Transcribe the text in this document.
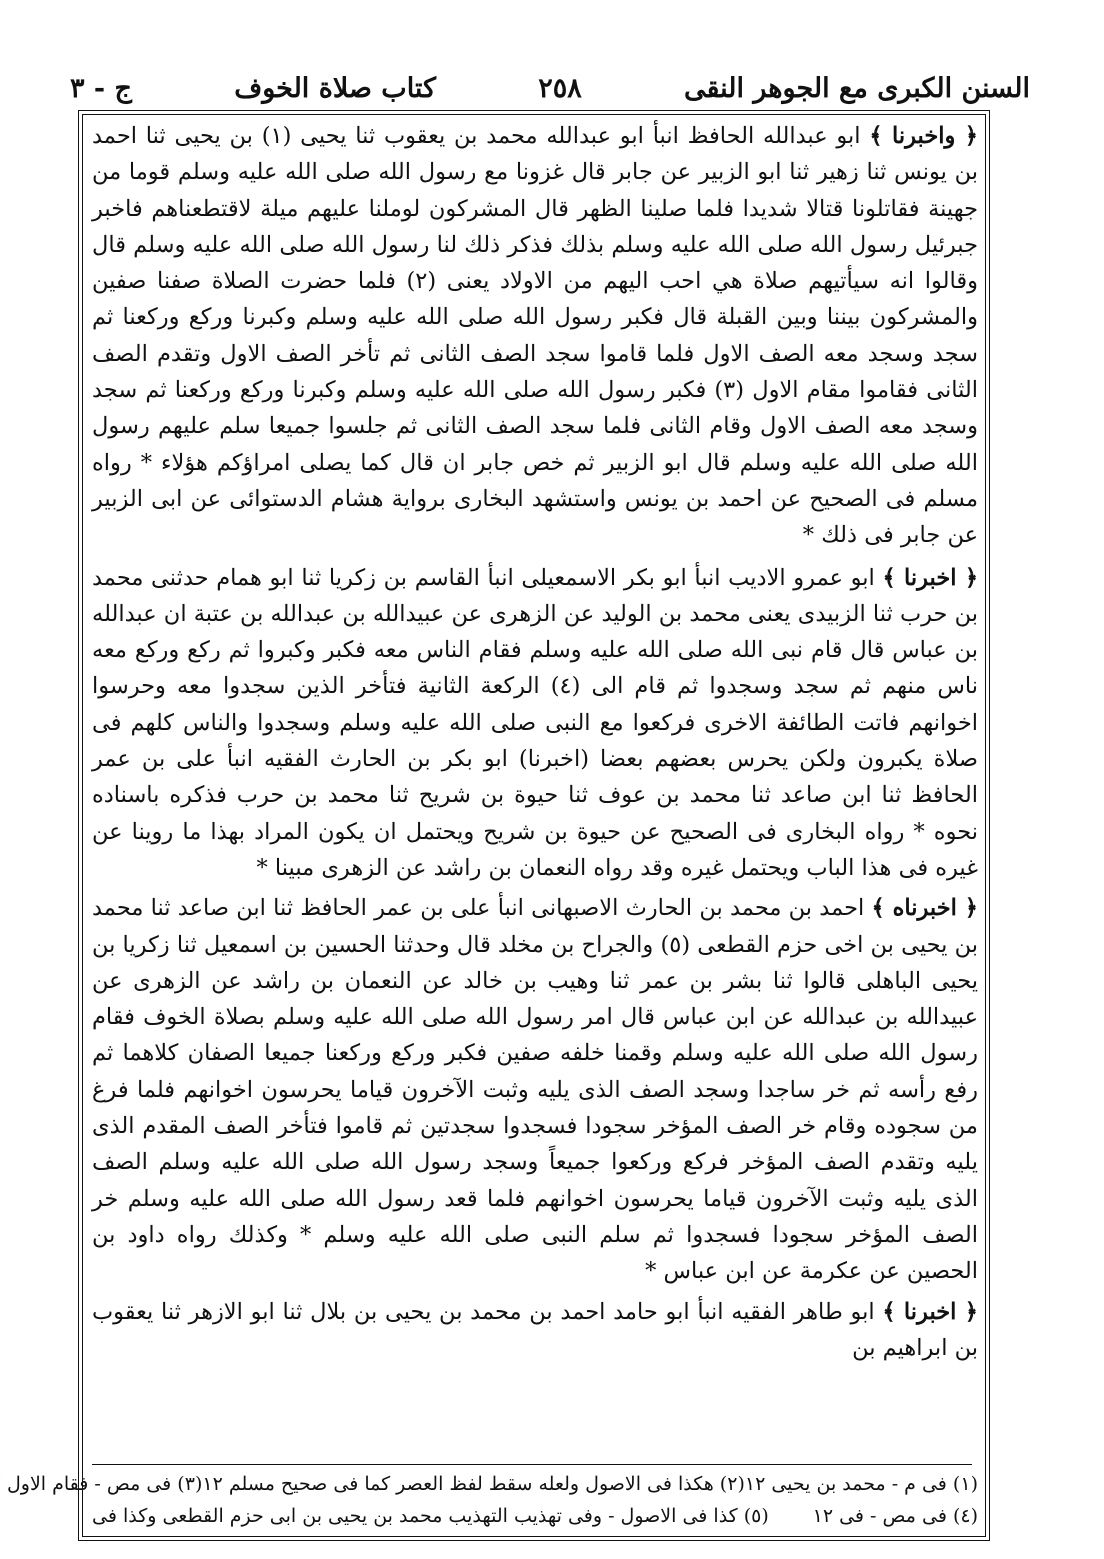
السنن الكبرى مع الجوهر النقى
٢٥٨
كتاب صلاة الخوف
ج - ٣

﴿ واخبرنا ﴾ ابو عبدالله الحافظ انبأ ابو عبدالله محمد بن يعقوب ثنا يحيى (١) بن يحيى ثنا احمد بن يونس ثنا زهير ثنا ابو الزبير عن جابر قال غزونا مع رسول الله صلى الله عليه وسلم قوما من جهينة فقاتلونا قتالا شديدا فلما صلينا الظهر قال المشركون لوملنا عليهم ميلة لاقتطعناهم فاخبر جبرئيل رسول الله صلى الله عليه وسلم بذلك فذكر ذلك لنا رسول الله صلى الله عليه وسلم قال وقالوا انه سيأتيهم صلاة هي احب اليهم من الاولاد يعنى (٢) فلما حضرت الصلاة صفنا صفين والمشركون بيننا وبين القبلة قال فكبر رسول الله صلى الله عليه وسلم وكبرنا وركع وركعنا ثم سجد وسجد معه الصف الاول فلما قاموا سجد الصف الثانى ثم تأخر الصف الاول وتقدم الصف الثانى فقاموا مقام الاول (٣) فكبر رسول الله صلى الله عليه وسلم وكبرنا وركع وركعنا ثم سجد وسجد معه الصف الاول وقام الثانى فلما سجد الصف الثانى ثم جلسوا جميعا سلم عليهم رسول الله صلى الله عليه وسلم قال ابو الزبير ثم خص جابر ان قال كما يصلى امراؤكم هؤلاء * رواه مسلم فى الصحيح عن احمد بن يونس واستشهد البخارى برواية هشام الدستوائى عن ابى الزبير عن جابر فى ذلك *

﴿ اخبرنا ﴾ ابو عمرو الاديب انبأ ابو بكر الاسمعيلى انبأ القاسم بن زكريا ثنا ابو همام حدثنى محمد بن حرب ثنا الزبيدى يعنى محمد بن الوليد عن الزهرى عن عبيدالله بن عبدالله بن عتبة ان عبدالله بن عباس قال قام نبى الله صلى الله عليه وسلم فقام الناس معه فكبر وكبروا ثم ركع وركع معه ناس منهم ثم سجد وسجدوا ثم قام الى (٤) الركعة الثانية فتأخر الذين سجدوا معه وحرسوا اخوانهم فاتت الطائفة الاخرى فركعوا مع النبى صلى الله عليه وسلم وسجدوا والناس كلهم فى صلاة يكبرون ولكن يحرس بعضهم بعضا (اخبرنا) ابو بكر بن الحارث الفقيه انبأ على بن عمر الحافظ ثنا ابن صاعد ثنا محمد بن عوف ثنا حيوة بن شريح ثنا محمد بن حرب فذكره باسناده نحوه * رواه البخارى فى الصحيح عن حيوة بن شريح ويحتمل ان يكون المراد بهذا ما روينا عن غيره فى هذا الباب ويحتمل غيره وقد رواه النعمان بن راشد عن الزهرى مبينا *

﴿ اخبرناه ﴾ احمد بن محمد بن الحارث الاصبهانى انبأ على بن عمر الحافظ ثنا ابن صاعد ثنا محمد بن يحيى بن اخى حزم القطعى (٥) والجراح بن مخلد قال وحدثنا الحسين بن اسمعيل ثنا زكريا بن يحيى الباهلى قالوا ثنا بشر بن عمر ثنا وهيب بن خالد عن النعمان بن راشد عن الزهرى عن عبيدالله بن عبدالله عن ابن عباس قال امر رسول الله صلى الله عليه وسلم بصلاة الخوف فقام رسول الله صلى الله عليه وسلم وقمنا خلفه صفين فكبر وركع وركعنا جميعا الصفان كلاهما ثم رفع رأسه ثم خر ساجدا وسجد الصف الذى يليه وثبت الآخرون قياما يحرسون اخوانهم فلما فرغ من سجوده وقام خر الصف المؤخر سجودا فسجدوا سجدتين ثم قاموا فتأخر الصف المقدم الذى يليه وتقدم الصف المؤخر فركع وركعوا جميعاً وسجد رسول الله صلى الله عليه وسلم الصف الذى يليه وثبت الآخرون قياما يحرسون اخوانهم فلما قعد رسول الله صلى الله عليه وسلم خر الصف المؤخر سجودا فسجدوا ثم سلم النبى صلى الله عليه وسلم * وكذلك رواه داود بن الحصين عن عكرمة عن ابن عباس *

﴿ اخبرنا ﴾ ابو طاهر الفقيه انبأ ابو حامد احمد بن محمد بن يحيى بن بلال ثنا ابو الازهر ثنا يعقوب بن ابراهيم بن

(١) فى م - محمد بن يحيى ١٢
(٢) هكذا فى الاصول ولعله سقط لفظ العصر كما فى صحيح مسلم ١٢
(٣) فى مص - فقام الاول
(٤) فى مص - فى ١٢
(٥) كذا فى الاصول - وفى تهذيب التهذيب محمد بن يحيى بن ابى حزم القطعى وكذا فى
